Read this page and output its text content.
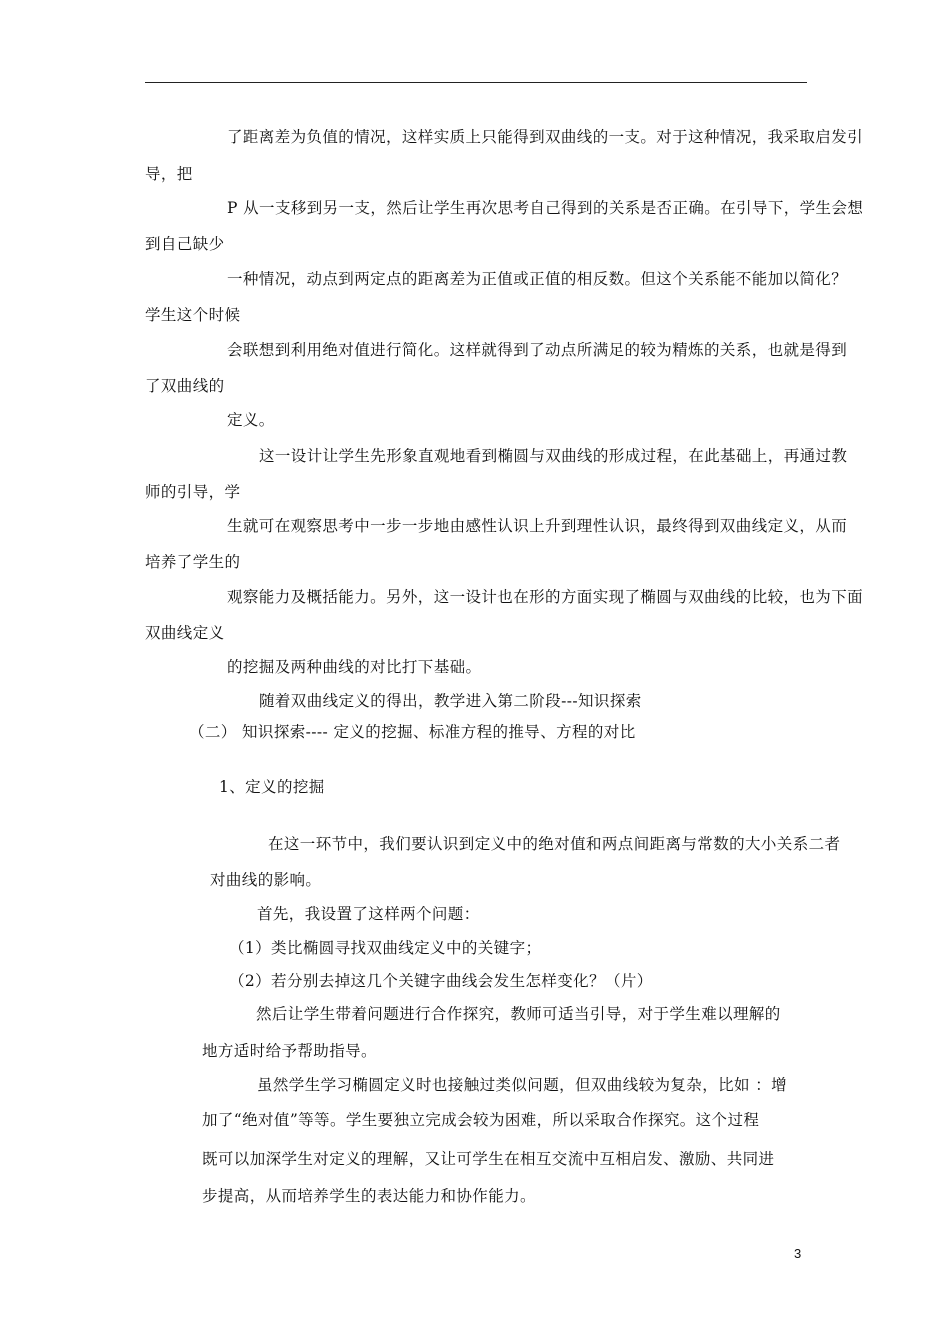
了距离差为负值的情况，这样实质上只能得到双曲线的一支。对于这种情况，我采取启发引
导，把
P 从一支移到另一支，然后让学生再次思考自己得到的关系是否正确。在引导下，学生会想
到自己缺少
一种情况，动点到两定点的距离差为正值或正值的相反数。但这个关系能不能加以简化？
学生这个时候
会联想到利用绝对值进行简化。这样就得到了动点所满足的较为精炼的关系，也就是得到
了双曲线的
定义。
这一设计让学生先形象直观地看到椭圆与双曲线的形成过程，在此基础上，再通过教
师的引导，学
生就可在观察思考中一步一步地由感性认识上升到理性认识，最终得到双曲线定义，从而
培养了学生的
观察能力及概括能力。另外，这一设计也在形的方面实现了椭圆与双曲线的比较，也为下面
双曲线定义
的挖掘及两种曲线的对比打下基础。
随着双曲线定义的得出，教学进入第二阶段---知识探索
（二） 知识探索---- 定义的挖掘、标准方程的推导、方程的对比
1、定义的挖掘
在这一环节中，我们要认识到定义中的绝对值和两点间距离与常数的大小关系二者
对曲线的影响。
首先，我设置了这样两个问题：
（1）类比椭圆寻找双曲线定义中的关键字；
（2）若分别去掉这几个关键字曲线会发生怎样变化？（片）
然后让学生带着问题进行合作探究，教师可适当引导，对于学生难以理解的
地方适时给予帮助指导。
虽然学生学习椭圆定义时也接触过类似问题，但双曲线较为复杂，比如 ：增
加了“绝对值”等等。学生要独立完成会较为困难，所以采取合作探究。这个过程
既可以加深学生对定义的理解，又让可学生在相互交流中互相启发、激励、共同进
步提高，从而培养学生的表达能力和协作能力。
3
